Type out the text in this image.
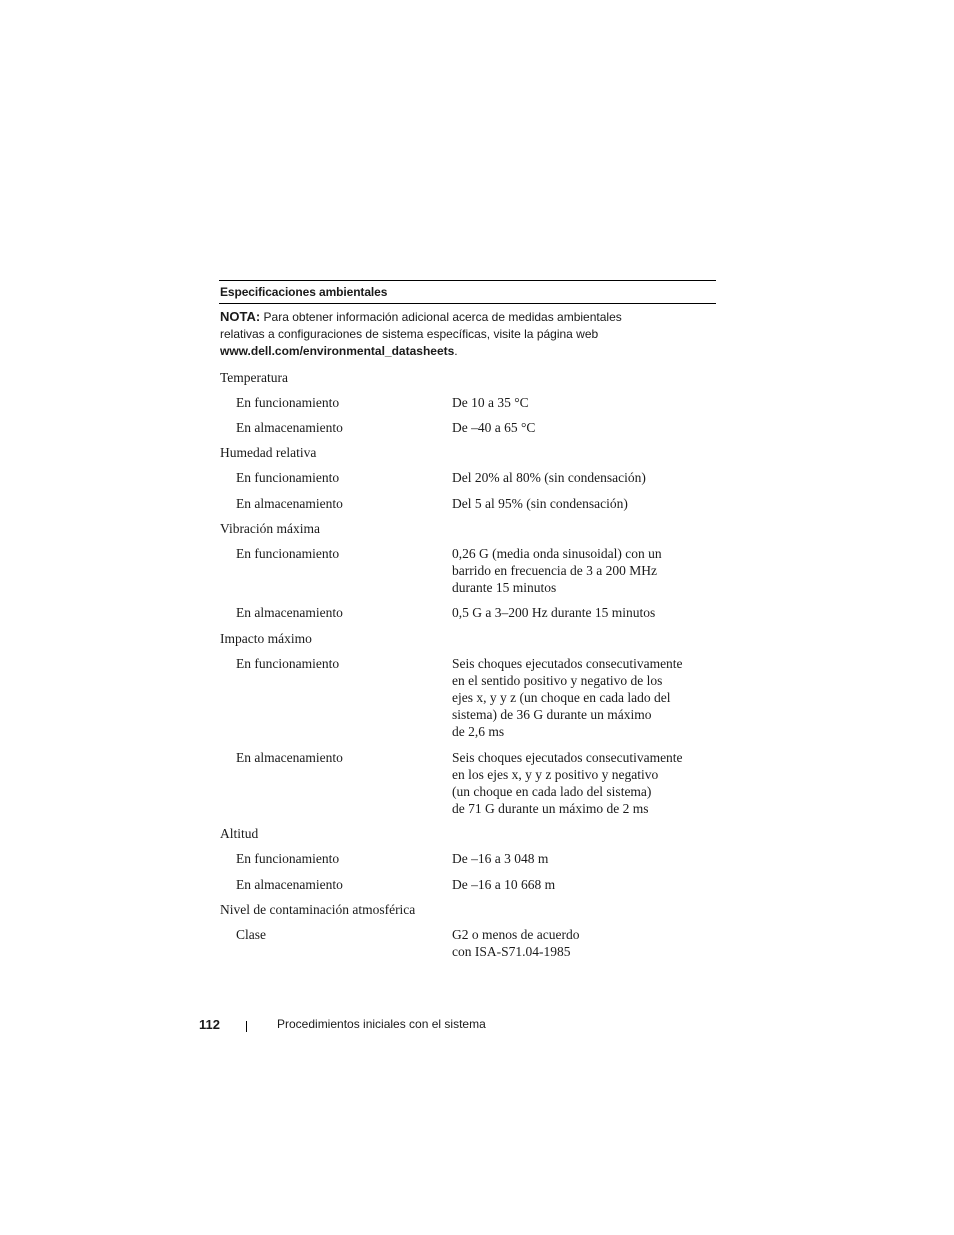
Especificaciones ambientales
NOTA: Para obtener información adicional acerca de medidas ambientales
relativas a configuraciones de sistema específicas, visite la página web
www.dell.com/environmental_datasheets.
Temperatura
En funcionamiento	De 10 a 35 °C
En almacenamiento	De –40 a 65 °C
Humedad relativa
En funcionamiento	Del 20% al 80% (sin condensación)
En almacenamiento	Del 5 al 95% (sin condensación)
Vibración máxima
En funcionamiento	0,26 G (media onda sinusoidal) con un
barrido en frecuencia de 3 a 200 MHz
durante 15 minutos
En almacenamiento	0,5 G a 3–200 Hz durante 15 minutos
Impacto máximo
En funcionamiento	Seis choques ejecutados consecutivamente
en el sentido positivo y negativo de los
ejes x, y y z (un choque en cada lado del
sistema) de 36 G durante un máximo
de 2,6 ms
En almacenamiento	Seis choques ejecutados consecutivamente
en los ejes x, y y z positivo y negativo
(un choque en cada lado del sistema)
de 71 G durante un máximo de 2 ms
Altitud
En funcionamiento	De –16 a 3 048 m
En almacenamiento	De –16 a 10 668 m
Nivel de contaminación atmosférica
Clase	G2 o menos de acuerdo
con ISA-S71.04-1985
112	Procedimientos iniciales con el sistema
